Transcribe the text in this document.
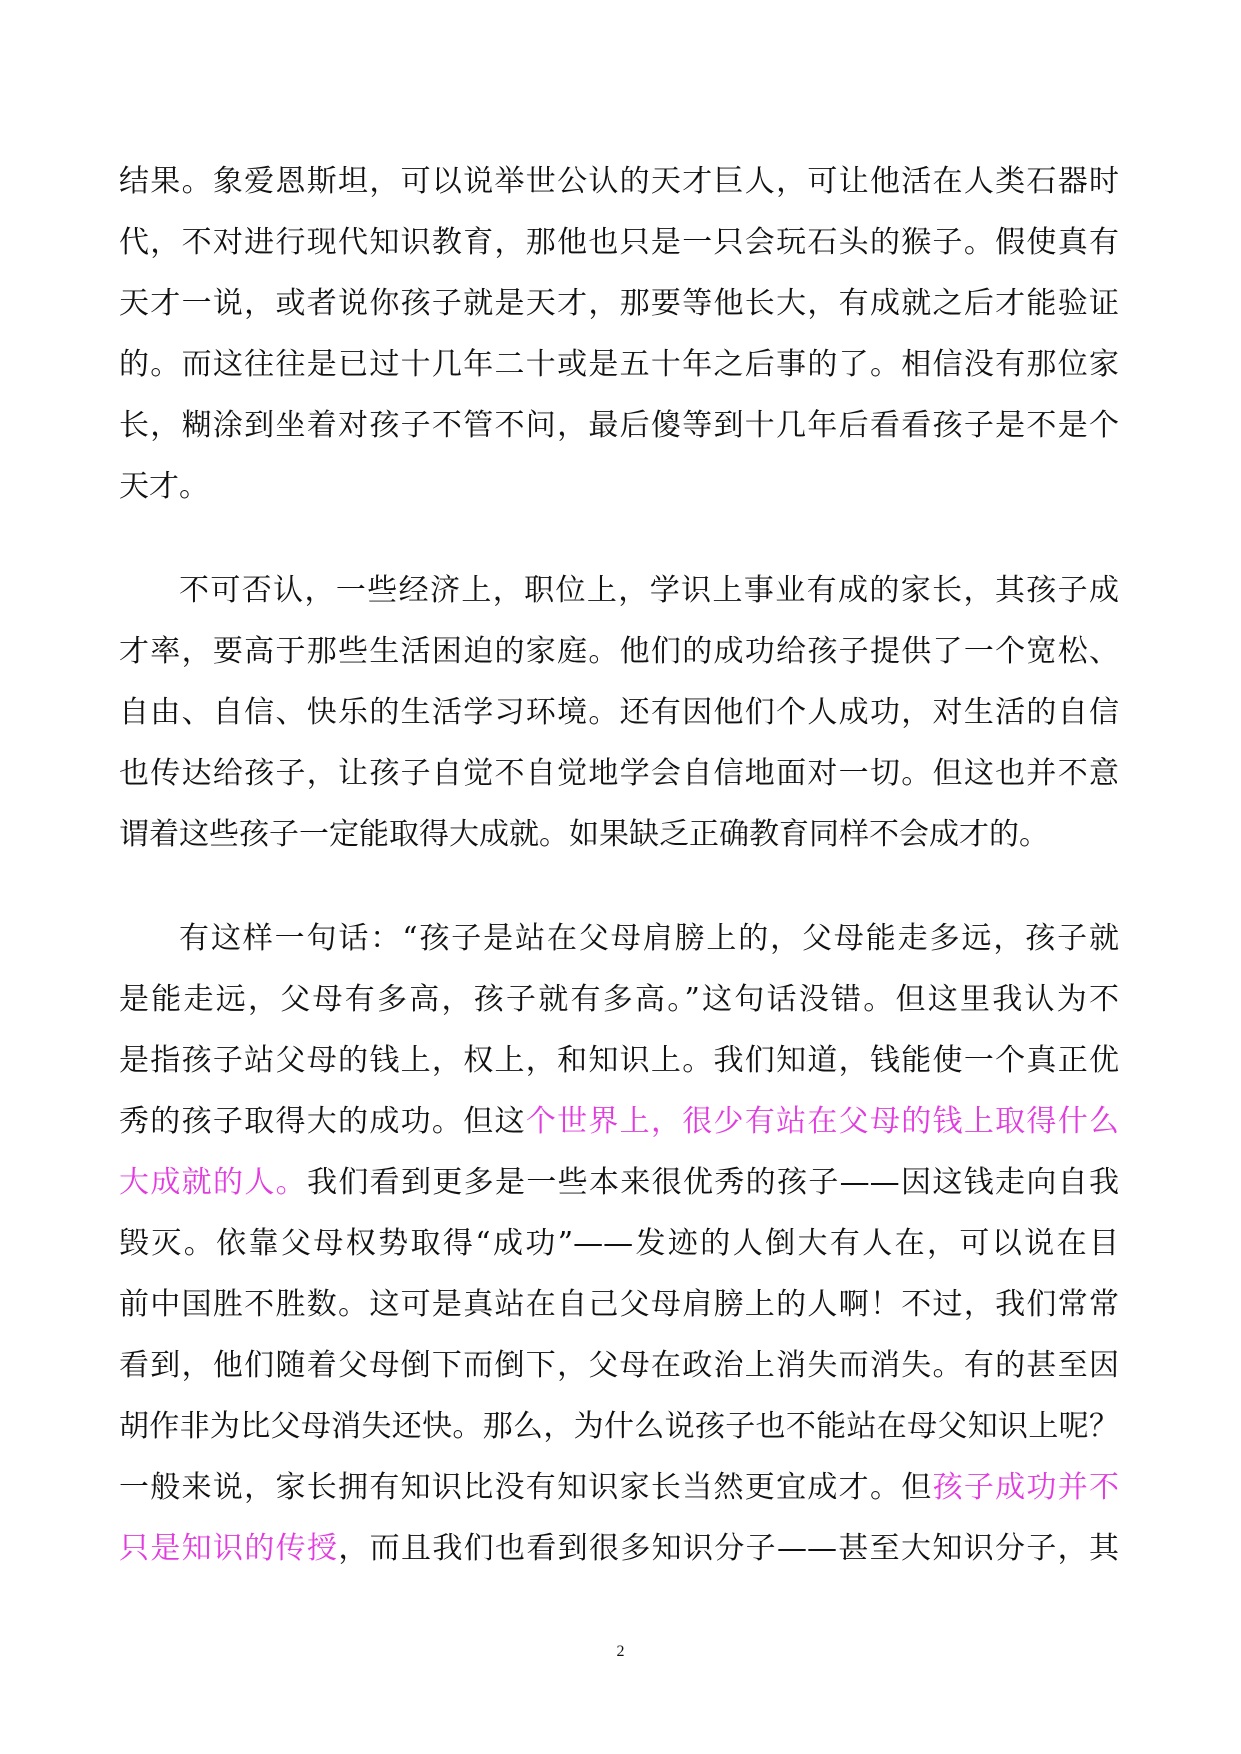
结果。象爱恩斯坦，可以说举世公认的天才巨人，可让他活在人类石器时
代，不对进行现代知识教育，那他也只是一只会玩石头的猴子。假使真有
天才一说，或者说你孩子就是天才，那要等他长大，有成就之后才能验证
的。而这往往是已过十几年二十或是五十年之后事的了。相信没有那位家
长，糊涂到坐着对孩子不管不问，最后傻等到十几年后看看孩子是不是个
天才。
不可否认，一些经济上，职位上，学识上事业有成的家长，其孩子成
才率，要高于那些生活困迫的家庭。他们的成功给孩子提供了一个宽松、
自由、自信、快乐的生活学习环境。还有因他们个人成功，对生活的自信
也传达给孩子，让孩子自觉不自觉地学会自信地面对一切。但这也并不意
谓着这些孩子一定能取得大成就。如果缺乏正确教育同样不会成才的。
有这样一句话：“孩子是站在父母肩膀上的，父母能走多远，孩子就
是能走远，父母有多高，孩子就有多高。”这句话没错。但这里我认为不
是指孩子站父母的钱上，权上，和知识上。我们知道，钱能使一个真正优
秀的孩子取得大的成功。但这个世界上，很少有站在父母的钱上取得什么
大成就的人。我们看到更多是一些本来很优秀的孩子——因这钱走向自我
毁灭。依靠父母权势取得“成功”——发迹的人倒大有人在，可以说在目
前中国胜不胜数。这可是真站在自己父母肩膀上的人啊！不过，我们常常
看到，他们随着父母倒下而倒下，父母在政治上消失而消失。有的甚至因
胡作非为比父母消失还快。那么，为什么说孩子也不能站在母父知识上呢？
一般来说，家长拥有知识比没有知识家长当然更宜成才。但孩子成功并不
只是知识的传授，而且我们也看到很多知识分子——甚至大知识分子，其
2
